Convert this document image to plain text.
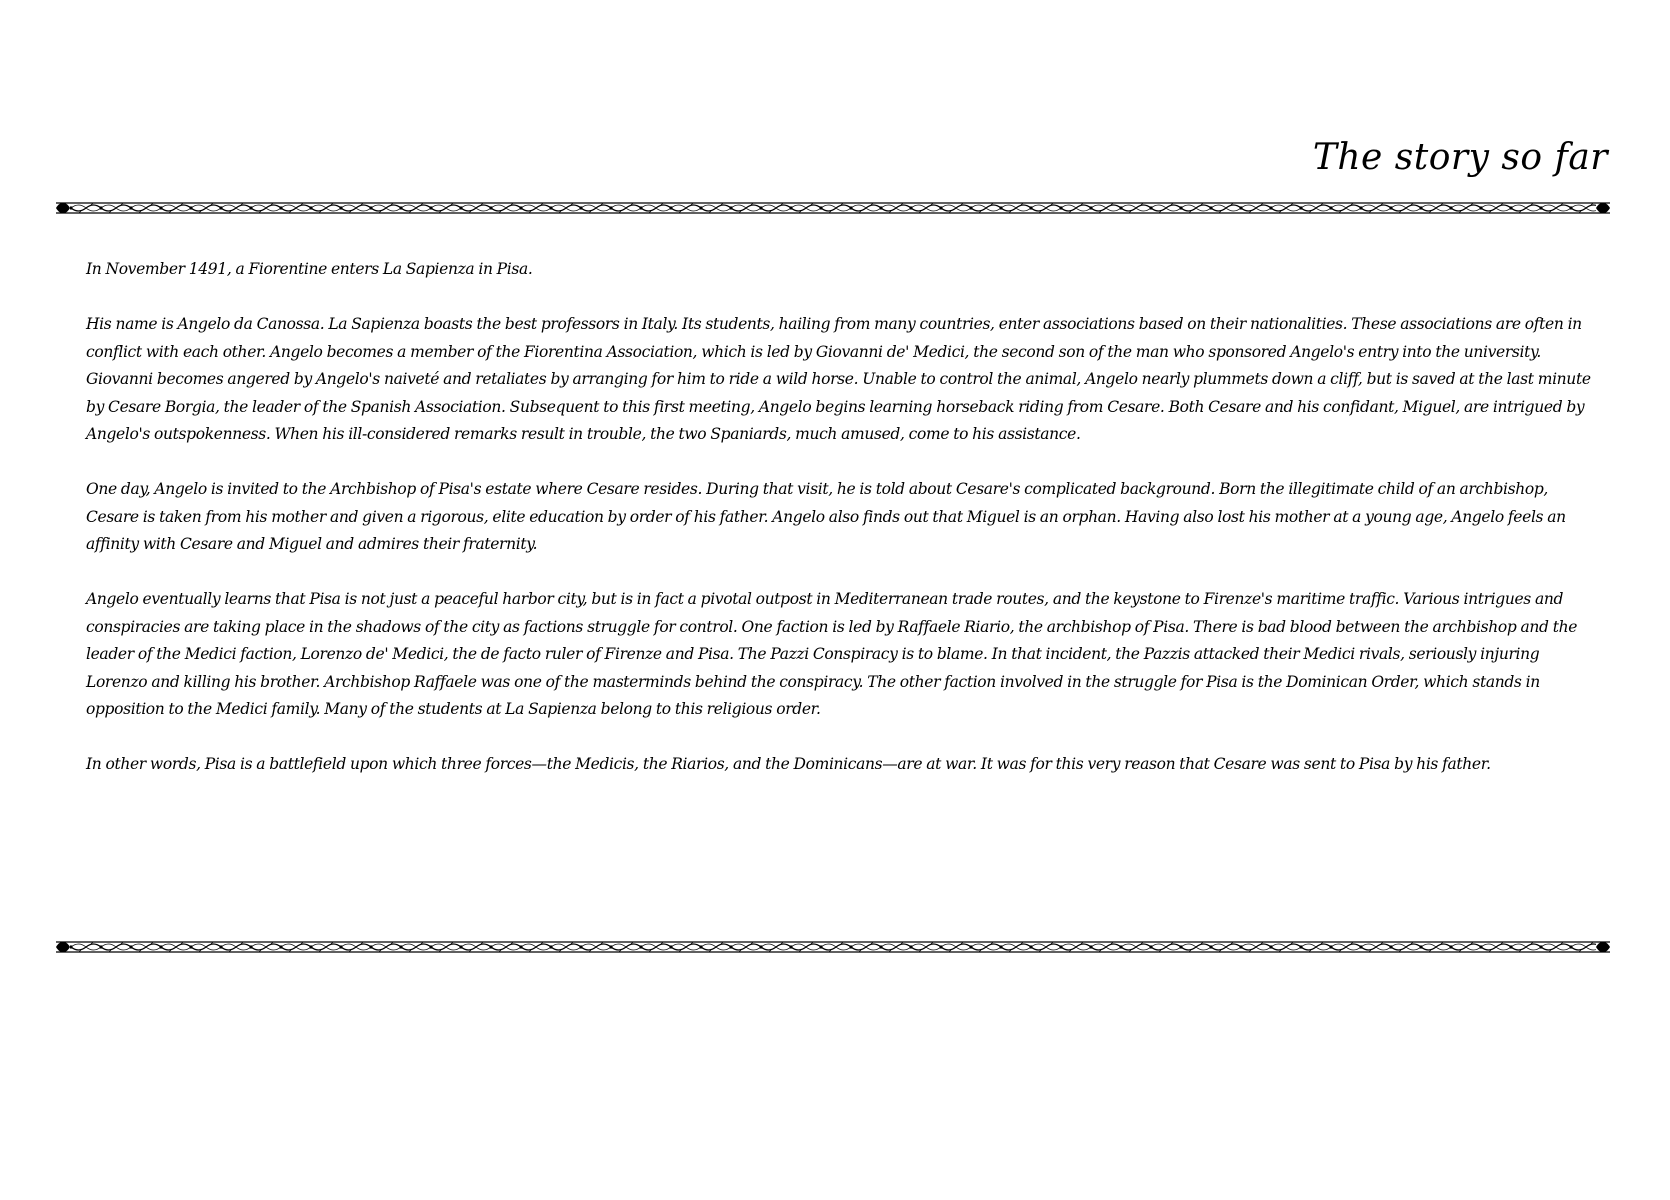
The story so far

In November 1491, a Fiorentine enters La Sapienza in Pisa.

His name is Angelo da Canossa. La Sapienza boasts the best professors in Italy. Its students, hailing from many countries, enter associations based on their nationalities. These associations are often in conflict with each other. Angelo becomes a member of the Fiorentina Association, which is led by Giovanni de' Medici, the second son of the man who sponsored Angelo's entry into the university. Giovanni becomes angered by Angelo's naiveté and retaliates by arranging for him to ride a wild horse. Unable to control the animal, Angelo nearly plummets down a cliff, but is saved at the last minute by Cesare Borgia, the leader of the Spanish Association. Subsequent to this first meeting, Angelo begins learning horseback riding from Cesare. Both Cesare and his confidant, Miguel, are intrigued by Angelo's outspokenness. When his ill-considered remarks result in trouble, the two Spaniards, much amused, come to his assistance.

One day, Angelo is invited to the Archbishop of Pisa's estate where Cesare resides. During that visit, he is told about Cesare's complicated background. Born the illegitimate child of an archbishop, Cesare is taken from his mother and given a rigorous, elite education by order of his father. Angelo also finds out that Miguel is an orphan. Having also lost his mother at a young age, Angelo feels an affinity with Cesare and Miguel and admires their fraternity.

Angelo eventually learns that Pisa is not just a peaceful harbor city, but is in fact a pivotal outpost in Mediterranean trade routes, and the keystone to Firenze's maritime traffic. Various intrigues and conspiracies are taking place in the shadows of the city as factions struggle for control. One faction is led by Raffaele Riario, the archbishop of Pisa. There is bad blood between the archbishop and the leader of the Medici faction, Lorenzo de' Medici, the de facto ruler of Firenze and Pisa. The Pazzi Conspiracy is to blame. In that incident, the Pazzis attacked their Medici rivals, seriously injuring Lorenzo and killing his brother. Archbishop Raffaele was one of the masterminds behind the conspiracy. The other faction involved in the struggle for Pisa is the Dominican Order, which stands in opposition to the Medici family. Many of the students at La Sapienza belong to this religious order.

In other words, Pisa is a battlefield upon which three forces—the Medicis, the Riarios, and the Dominicans—are at war. It was for this very reason that Cesare was sent to Pisa by his father.
